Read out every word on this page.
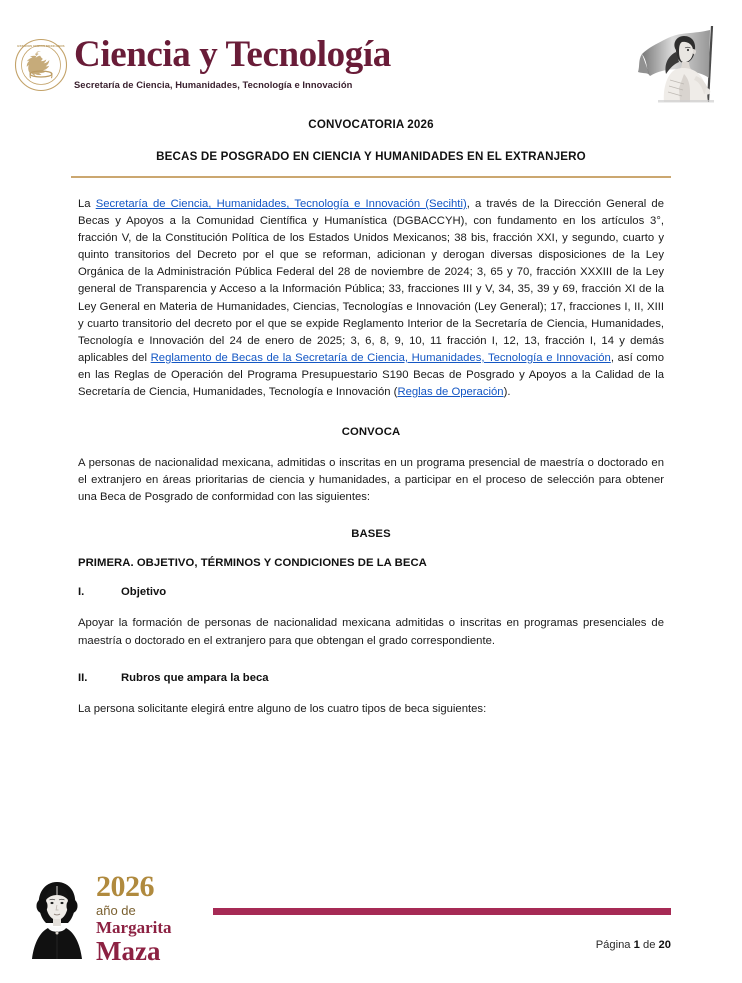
ESTADOS UNIDOS MEXICANOS Ciencia y Tecnología
Secretaría de Ciencia, Humanidades, Tecnología e Innovación
CONVOCATORIA 2026
BECAS DE POSGRADO EN CIENCIA Y HUMANIDADES EN EL EXTRANJERO

La Secretaría de Ciencia, Humanidades, Tecnología e Innovación (Secihti), a través de la Dirección General de Becas y Apoyos a la Comunidad Científica y Humanística (DGBACCYH), con fundamento en los artículos 3°, fracción V, de la Constitución Política de los Estados Unidos Mexicanos; 38 bis, fracción XXI, y segundo, cuarto y quinto transitorios del Decreto por el que se reforman, adicionan y derogan diversas disposiciones de la Ley Orgánica de la Administración Pública Federal del 28 de noviembre de 2024; 3, 65 y 70, fracción XXXIII de la Ley general de Transparencia y Acceso a la Información Pública; 33, fracciones III y V, 34, 35, 39 y 69, fracción XI de la Ley General en Materia de Humanidades, Ciencias, Tecnologías e Innovación (Ley General); 17, fracciones I, II, XIII y cuarto transitorio del decreto por el que se expide Reglamento Interior de la Secretaría de Ciencia, Humanidades, Tecnología e Innovación del 24 de enero de 2025; 3, 6, 8, 9, 10, 11 fracción I, 12, 13, fracción I, 14 y demás aplicables del Reglamento de Becas de la Secretaría de Ciencia, Humanidades, Tecnología e Innovación, así como en las Reglas de Operación del Programa Presupuestario S190 Becas de Posgrado y Apoyos a la Calidad de la Secretaría de Ciencia, Humanidades, Tecnología e Innovación (Reglas de Operación).

CONVOCA

A personas de nacionalidad mexicana, admitidas o inscritas en un programa presencial de maestría o doctorado en el extranjero en áreas prioritarias de ciencia y humanidades, a participar en el proceso de selección para obtener una Beca de Posgrado de conformidad con las siguientes:

BASES
PRIMERA. OBJETIVO, TÉRMINOS Y CONDICIONES DE LA BECA
I.	Objetivo

Apoyar la formación de personas de nacionalidad mexicana admitidas o inscritas en programas presenciales de maestría o doctorado en el extranjero para que obtengan el grado correspondiente.

II.	Rubros que ampara la beca

La persona solicitante elegirá entre alguno de los cuatro tipos de beca siguientes:

2026
año de
Margarita
Maza	Página 1 de 20
